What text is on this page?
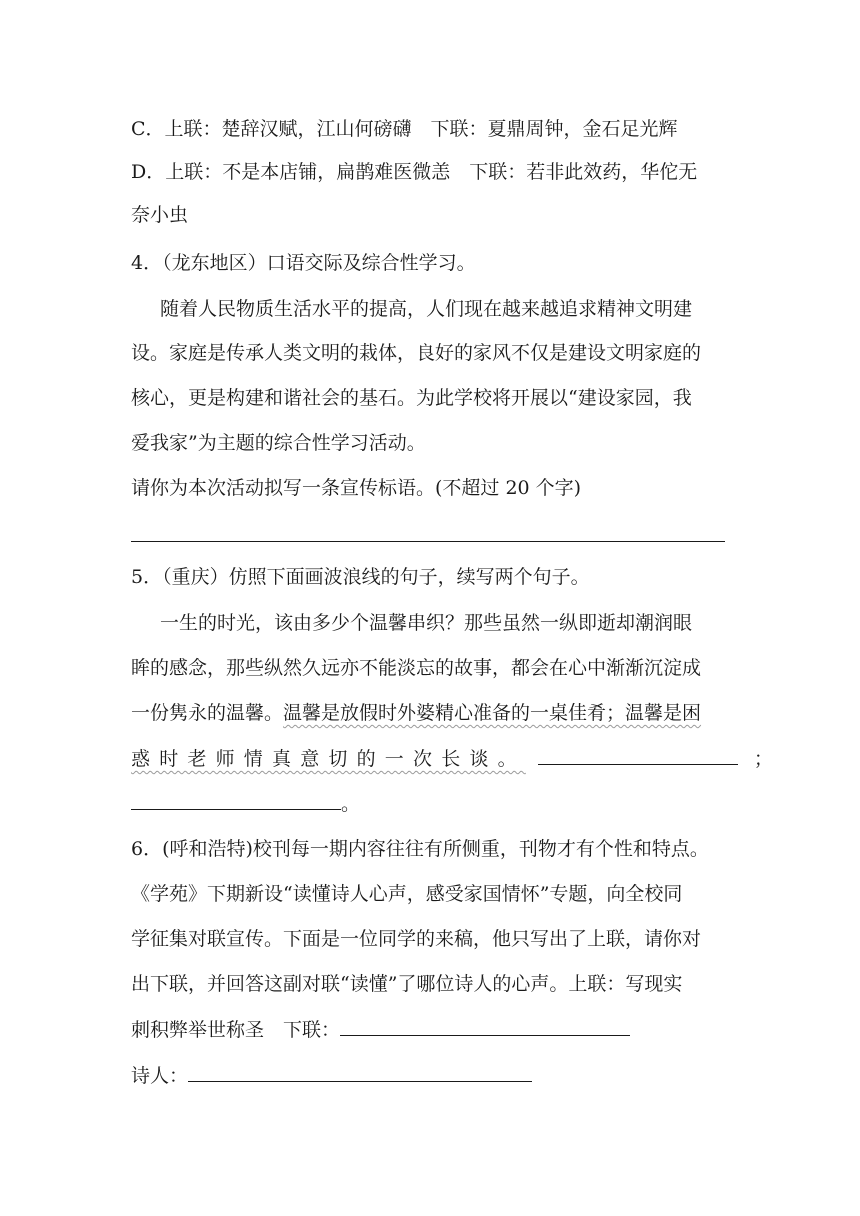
C．上联：楚辞汉赋，江山何磅礴　下联：夏鼎周钟，金石足光辉
D．上联：不是本店铺，扁鹊难医微恙　下联：若非此效药，华佗无
奈小虫
4．（龙东地区）口语交际及综合性学习。
随着人民物质生活水平的提高，人们现在越来越追求精神文明建
设。家庭是传承人类文明的栽体，良好的家风不仅是建设文明家庭的
核心，更是构建和谐社会的基石。为此学校将开展以“建设家园，我
爱我家”为主题的综合性学习活动。
请你为本次活动拟写一条宣传标语。(不超过 20 个字)
5．（重庆）仿照下面画波浪线的句子，续写两个句子。
一生的时光，该由多少个温馨串织？那些虽然一纵即逝却潮润眼
眸的感念，那些纵然久远亦不能淡忘的故事，都会在心中渐渐沉淀成
一份隽永的温馨。温馨是放假时外婆精心准备的一桌佳肴；温馨是困
惑时老师情真意切的一次长谈。	；
。
6．(呼和浩特)校刊每一期内容往往有所侧重，刊物才有个性和特点。
《学苑》下期新设“读懂诗人心声，感受家国情怀”专题，向全校同
学征集对联宣传。下面是一位同学的来稿，他只写出了上联，请你对
出下联，并回答这副对联“读懂”了哪位诗人的心声。上联：写现实
刺积弊举世称圣　下联：
诗人：
